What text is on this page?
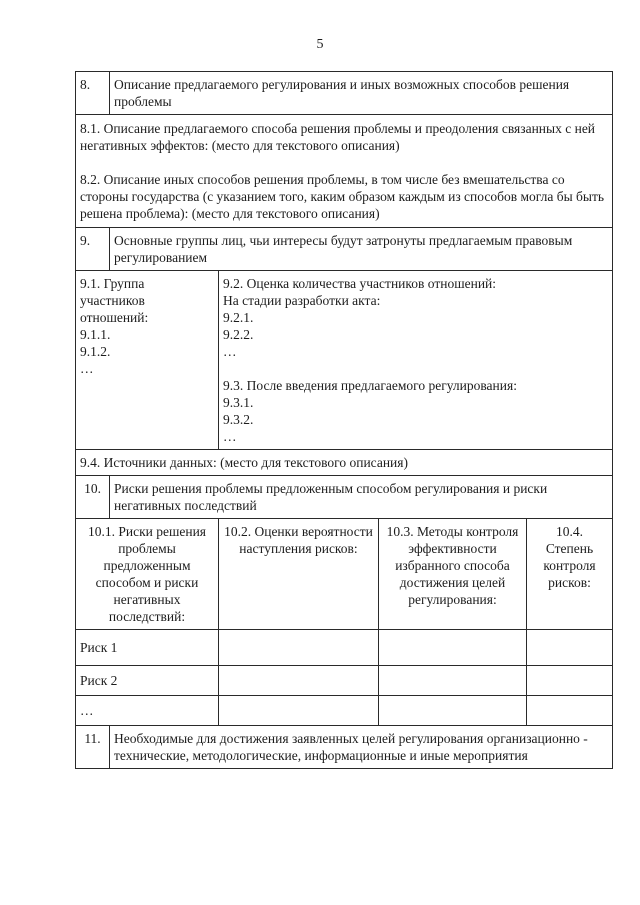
5
8.	Описание предлагаемого регулирования и иных возможных способов решения проблемы

8.1. Описание предлагаемого способа решения проблемы и преодоления связанных с ней негативных эффектов: (место для текстового описания)

8.2. Описание иных способов решения проблемы, в том числе без вмешательства со стороны государства (с указанием того, каким образом каждым из способов могла бы быть решена проблема): (место для текстового описания)

9.	Основные группы лиц, чьи интересы будут затронуты предлагаемым правовым регулированием
9.1. Группа
участников
отношений:
9.1.1.
9.1.2.
…
9.2. Оценка количества участников отношений:
На стадии разработки акта:
9.2.1.
9.2.2.
…
9.3. После введения предлагаемого регулирования:
9.3.1.
9.3.2.
…
9.4. Источники данных: (место для текстового описания)
10. Риски решения проблемы предложенным способом регулирования и риски негативных последствий
10.1. Риски решения проблемы предложенным способом и риски негативных последствий:
10.2. Оценки вероятности наступления рисков:
10.3. Методы контроля эффективности избранного способа достижения целей регулирования:
10.4. Степень контроля рисков:
Риск 1
Риск 2
…
11. Необходимые для достижения заявленных целей регулирования организационно - технические, методологические, информационные и иные мероприятия
